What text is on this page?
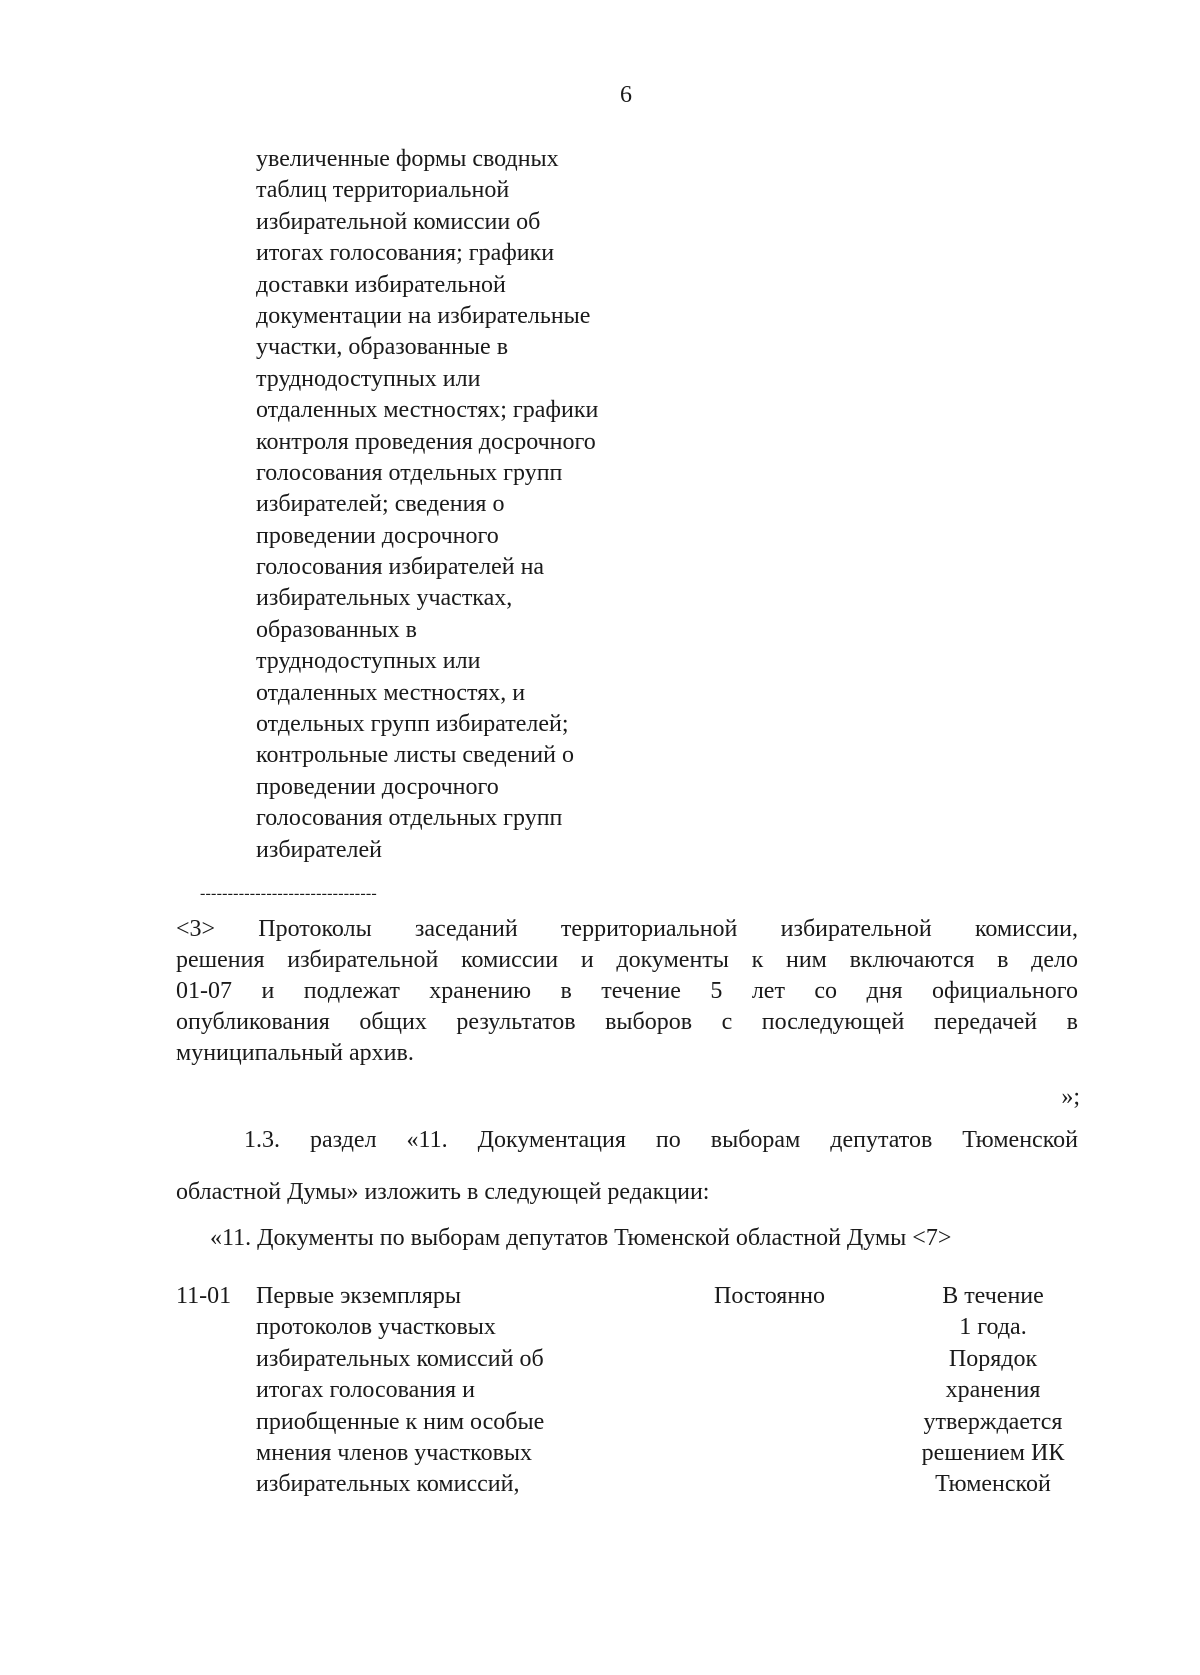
6
увеличенные формы сводных
таблиц территориальной
избирательной комиссии об
итогах голосования; графики
доставки избирательной
документации на избирательные
участки, образованные в
труднодоступных или
отдаленных местностях; графики
контроля проведения досрочного
голосования отдельных групп
избирателей; сведения о
проведении досрочного
голосования избирателей на
избирательных участках,
образованных в
труднодоступных или
отдаленных местностях, и
отдельных групп избирателей;
контрольные листы сведений о
проведении досрочного
голосования отдельных групп
избирателей
--------------------------------
<3> Протоколы заседаний территориальной избирательной комиссии,
решения избирательной комиссии и документы к ним включаются в дело
01-07 и подлежат хранению в течение 5 лет со дня официального
опубликования общих результатов выборов с последующей передачей в
муниципальный архив.
»;
1.3. раздел «11. Документация по выборам депутатов Тюменской
областной Думы» изложить в следующей редакции:
«11. Документы по выборам депутатов Тюменской областной Думы <7>
11-01 Первые экземпляры
протоколов участковых
избирательных комиссий об
итогах голосования и
приобщенные к ним особые
мнения членов участковых
избирательных комиссий,
Постоянно	В течение
1 года.
Порядок
хранения
утверждается
решением ИК
Тюменской
